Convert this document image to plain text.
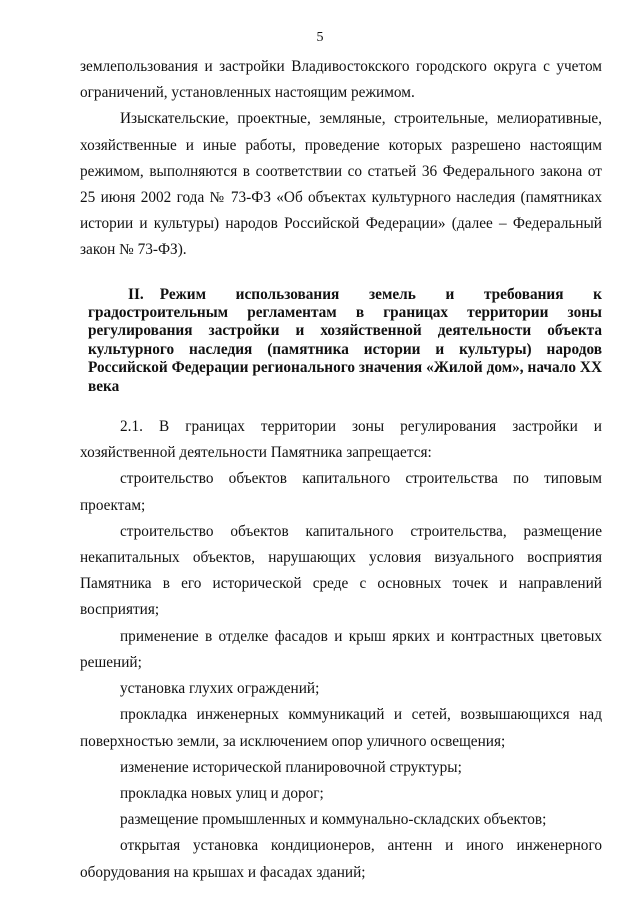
5

землепользования и застройки Владивостокского городского округа с учетом ограничений, установленных настоящим режимом.

Изыскательские, проектные, земляные, строительные, мелиоративные, хозяйственные и иные работы, проведение которых разрешено настоящим режимом, выполняются в соответствии со статьей 36 Федерального закона от 25 июня 2002 года № 73-ФЗ «Об объектах культурного наследия (памятниках истории и культуры) народов Российской Федерации» (далее – Федеральный закон № 73-ФЗ).

II. Режим использования земель и требования к градостроительным регламентам в границах территории зоны регулирования застройки и хозяйственной деятельности объекта культурного наследия (памятника истории и культуры) народов Российской Федерации регионального значения «Жилой дом», начало XX века

2.1. В границах территории зоны регулирования застройки и хозяйственной деятельности Памятника запрещается:

строительство объектов капитального строительства по типовым проектам;

строительство объектов капитального строительства, размещение некапитальных объектов, нарушающих условия визуального восприятия Памятника в его исторической среде с основных точек и направлений восприятия;

применение в отделке фасадов и крыш ярких и контрастных цветовых решений;

установка глухих ограждений;

прокладка инженерных коммуникаций и сетей, возвышающихся над поверхностью земли, за исключением опор уличного освещения;

изменение исторической планировочной структуры;

прокладка новых улиц и дорог;

размещение промышленных и коммунально-складских объектов;

открытая установка кондиционеров, антенн и иного инженерного оборудования на крышах и фасадах зданий;
